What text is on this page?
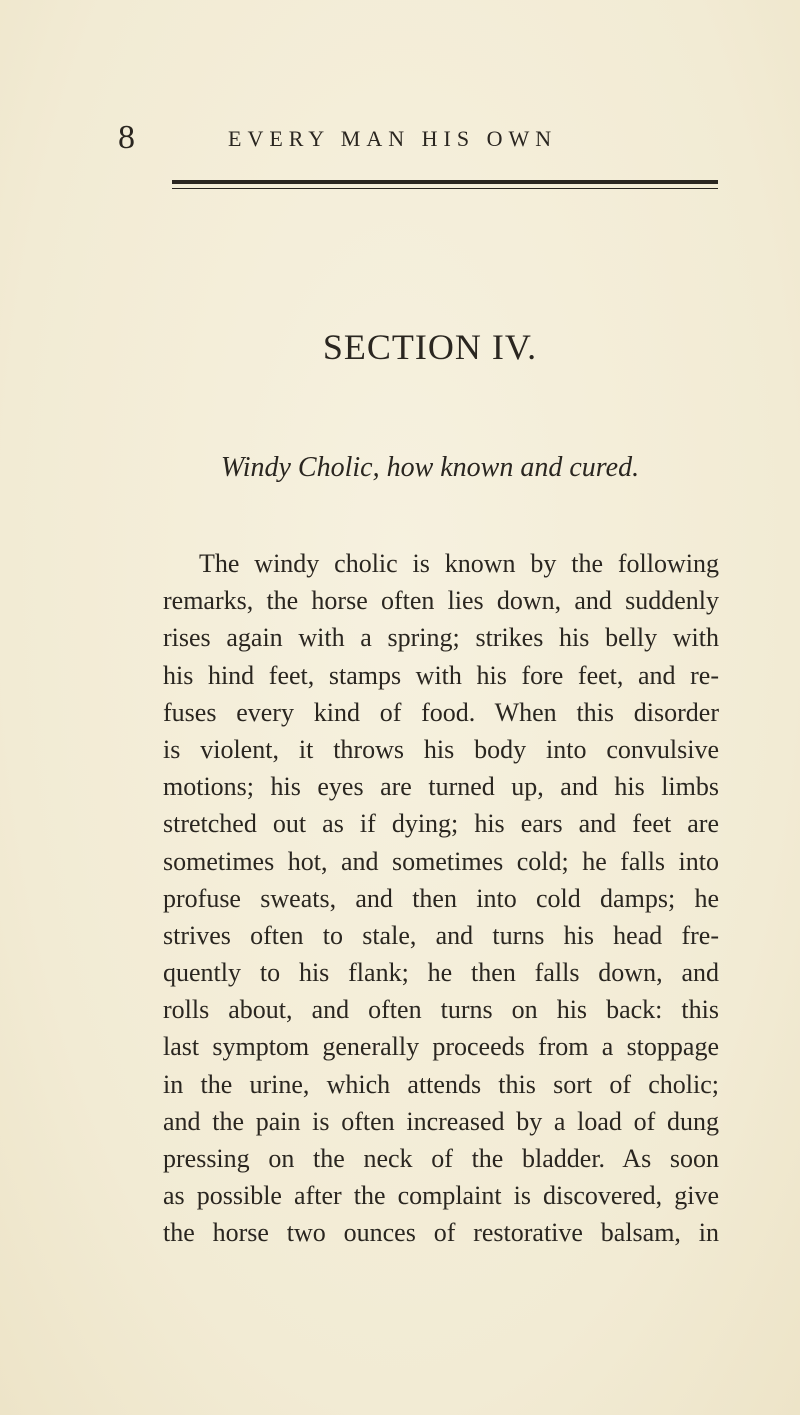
8	EVERY MAN HIS OWN
SECTION IV.
Windy Cholic, how known and cured.
The windy cholic is known by the following
remarks, the horse often lies down, and suddenly
rises again with a spring; strikes his belly with
his hind feet, stamps with his fore feet, and re-
fuses every kind of food. When this disorder
is violent, it throws his body into convulsive
motions; his eyes are turned up, and his limbs
stretched out as if dying; his ears and feet are
sometimes hot, and sometimes cold; he falls into
profuse sweats, and then into cold damps; he
strives often to stale, and turns his head fre-
quently to his flank; he then falls down, and
rolls about, and often turns on his back: this
last symptom generally proceeds from a stoppage
in the urine, which attends this sort of cholic;
and the pain is often increased by a load of dung
pressing on the neck of the bladder. As soon
as possible after the complaint is discovered, give
the horse two ounces of restorative balsam, in
